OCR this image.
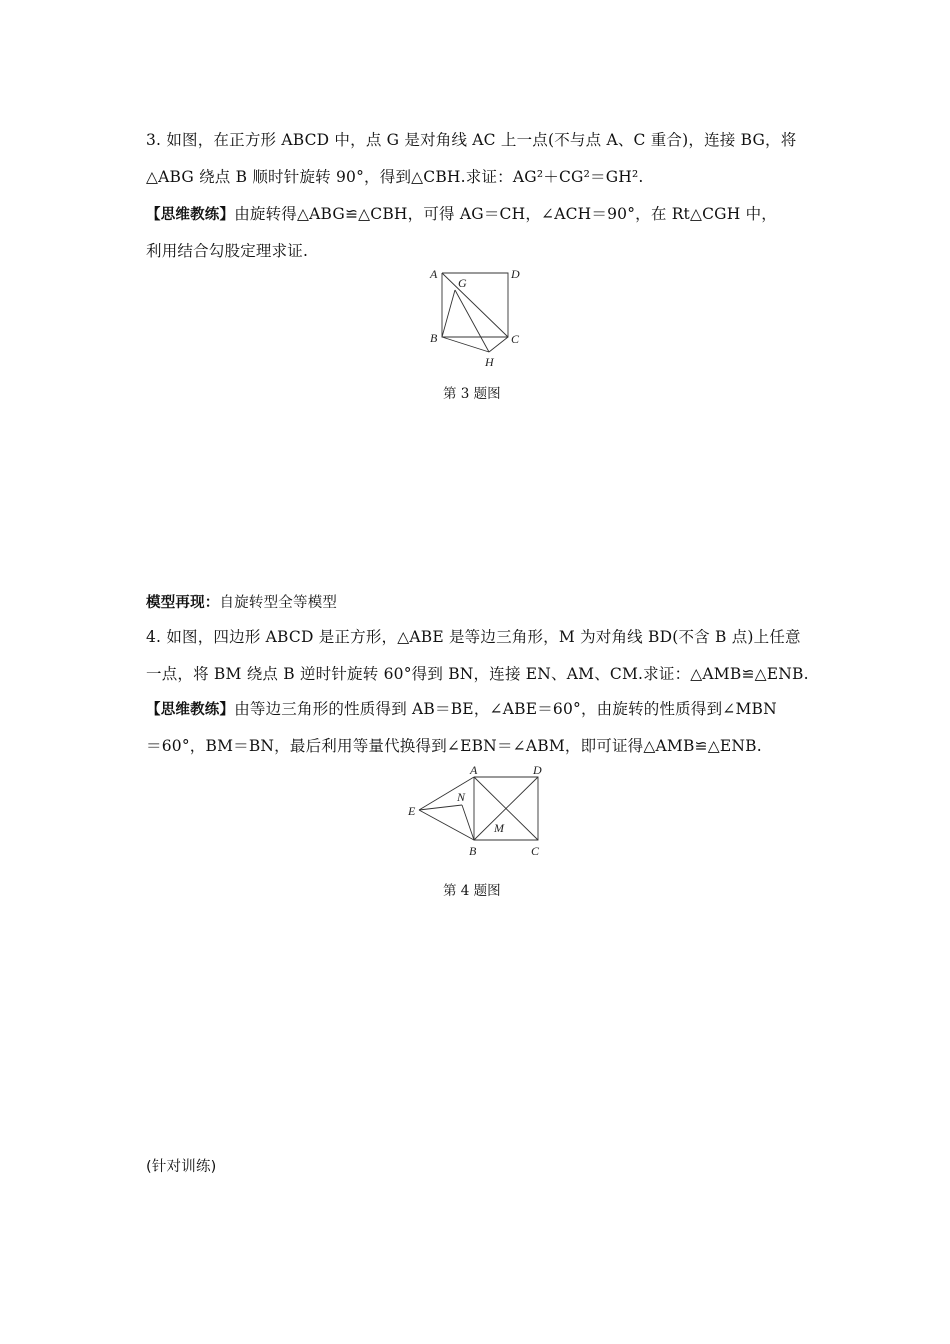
3. 如图，在正方形 ABCD 中，点 G 是对角线 AC 上一点(不与点 A、C 重合)，连接 BG，将
△ABG 绕点 B 顺时针旋转 90°，得到△CBH.求证：AG²＋CG²＝GH².
【思维教练】由旋转得△ABG≌△CBH，可得 AG＝CH，∠ACH＝90°，在 Rt△CGH 中，
利用结合勾股定理求证.
A	D
G
B	C
H
第 3 题图
模型再现：自旋转型全等模型
4. 如图，四边形 ABCD 是正方形，△ABE 是等边三角形，M 为对角线 BD(不含 B 点)上任意
一点，将 BM 绕点 B 逆时针旋转 60°得到 BN，连接 EN、AM、CM.求证：△AMB≌△ENB.
【思维教练】由等边三角形的性质得到 AB＝BE，∠ABE＝60°，由旋转的性质得到∠MBN
＝60°，BM＝BN，最后利用等量代换得到∠EBN＝∠ABM，即可证得△AMB≌△ENB.
A	D
E
N
M
B	C
第 4 题图
(针对训练)
